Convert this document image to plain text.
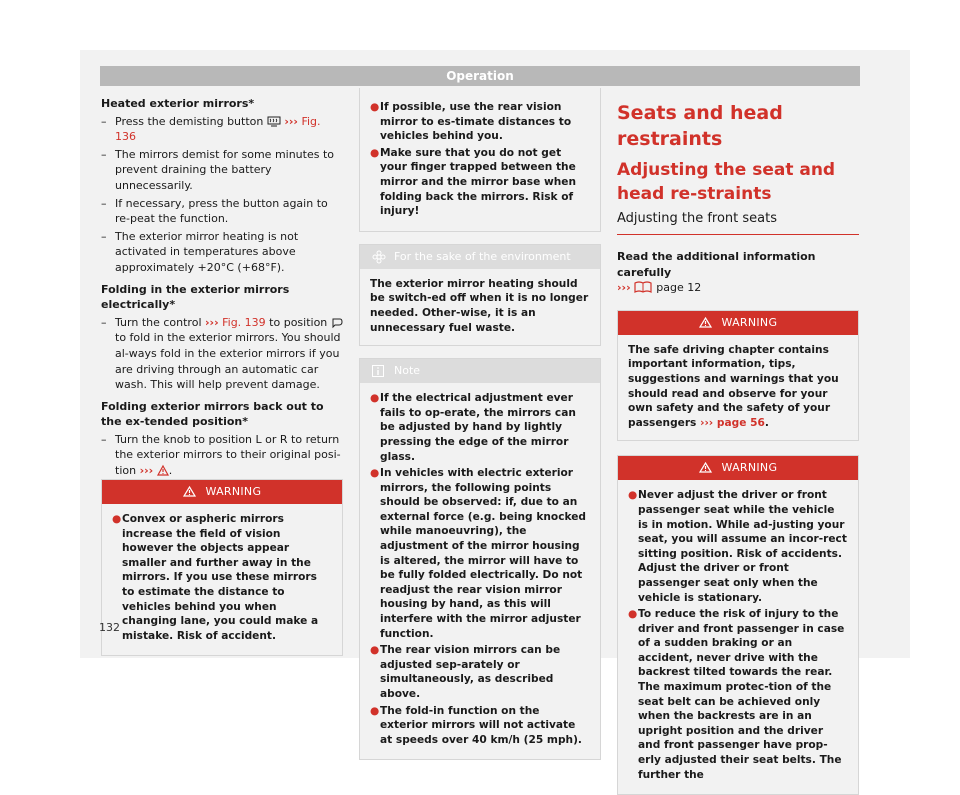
Operation
Heated exterior mirrors*
– Press the demisting button ››› Fig. 136
– The mirrors demist for some minutes to prevent draining the battery unnecessarily.
– If necessary, press the button again to re-peat the function.
– The exterior mirror heating is not activated in temperatures above approximately +20°C (+68°F).
Folding in the exterior mirrors electrically*
– Turn the control ››› Fig. 139 to position  to fold in the exterior mirrors. You should al-ways fold in the exterior mirrors if you are driving through an automatic car wash. This will help prevent damage.
Folding exterior mirrors back out to the ex-tended position*
– Turn the knob to position L or R to return the exterior mirrors to their original posi-tion ››› .
WARNING
● Convex or aspheric mirrors increase the field of vision however the objects appear smaller and further away in the mirrors. If you use these mirrors to estimate the distance to vehicles behind you when changing lane, you could make a mistake. Risk of accident.
● If possible, use the rear vision mirror to es-timate distances to vehicles behind you.
● Make sure that you do not get your finger trapped between the mirror and the mirror base when folding back the mirrors. Risk of injury!
For the sake of the environment
The exterior mirror heating should be switch-ed off when it is no longer needed. Other-wise, it is an unnecessary fuel waste.
Note
● If the electrical adjustment ever fails to op-erate, the mirrors can be adjusted by hand by lightly pressing the edge of the mirror glass.
● In vehicles with electric exterior mirrors, the following points should be observed: if, due to an external force (e.g. being knocked while manoeuvring), the adjustment of the mirror housing is altered, the mirror will have to be fully folded electrically. Do not readjust the rear vision mirror housing by hand, as this will interfere with the mirror adjuster function.
● The rear vision mirrors can be adjusted sep-arately or simultaneously, as described above.
● The fold-in function on the exterior mirrors will not activate at speeds over 40 km/h (25 mph).
Seats and head restraints
Adjusting the seat and head re-straints
Adjusting the front seats
Read the additional information carefully
››› page 12
WARNING
The safe driving chapter contains important information, tips, suggestions and warnings that you should read and observe for your own safety and the safety of your passengers ››› page 56.
WARNING
● Never adjust the driver or front passenger seat while the vehicle is in motion. While ad-justing your seat, you will assume an incor-rect sitting position. Risk of accidents. Adjust the driver or front passenger seat only when the vehicle is stationary.
● To reduce the risk of injury to the driver and front passenger in case of a sudden braking or an accident, never drive with the backrest tilted towards the rear. The maximum protec-tion of the seat belt can be achieved only when the backrests are in an upright position and the driver and front passenger have prop-erly adjusted their seat belts. The further the
132
